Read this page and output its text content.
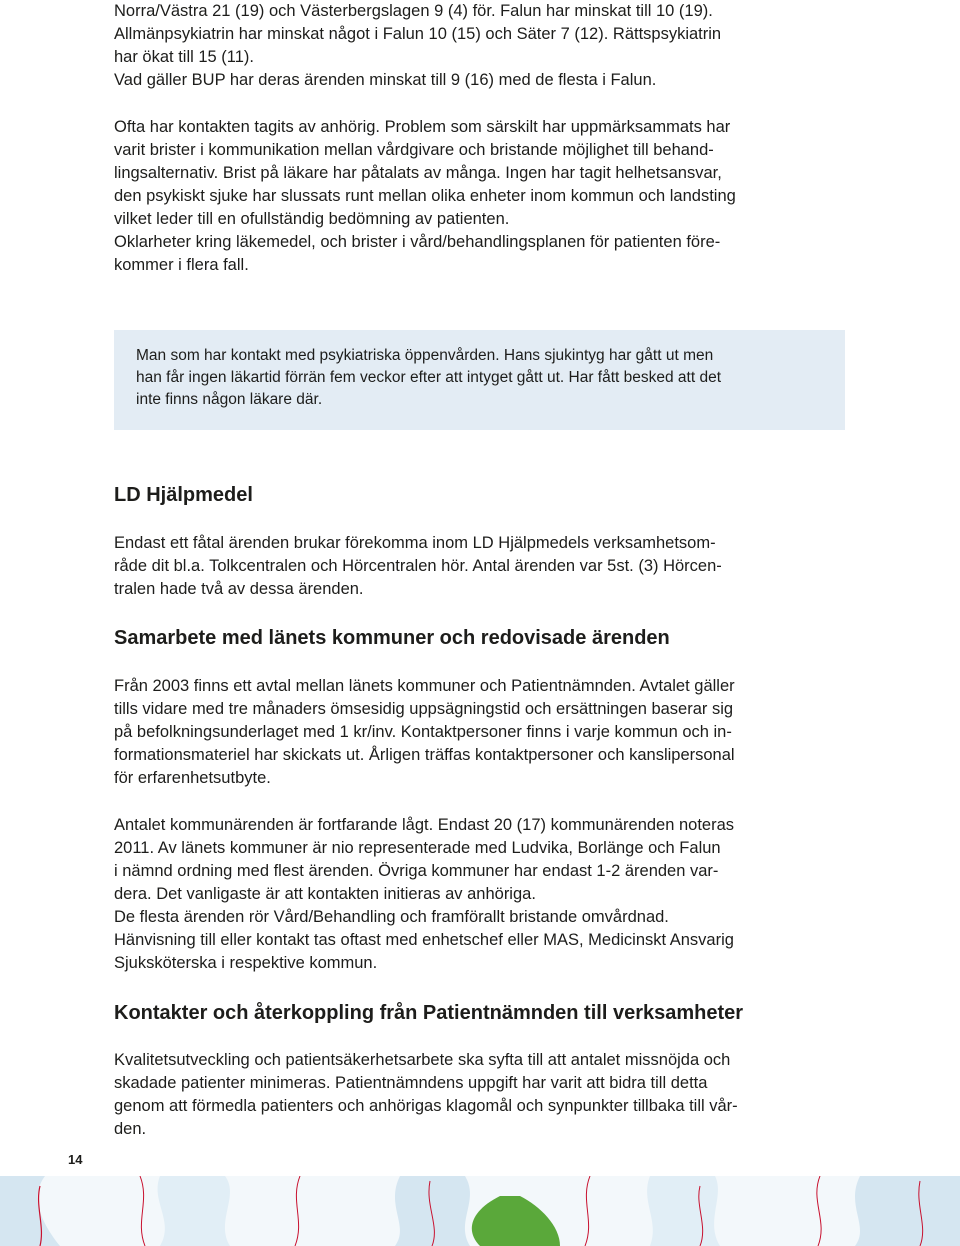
Norra/Västra 21 (19) och Västerbergslagen 9 (4) för. Falun har minskat till 10 (19).
Allmänpsykiatrin har minskat något i Falun 10 (15) och Säter 7 (12). Rättspsykiatrin
har ökat till 15 (11).
Vad gäller BUP har deras ärenden minskat till 9 (16) med de flesta i Falun.

Ofta har kontakten tagits av anhörig. Problem som särskilt har uppmärksammats har
varit brister i kommunikation mellan vårdgivare och bristande möjlighet till behand-
lingsalternativ. Brist på läkare har påtalats av många. Ingen har tagit helhetsansvar,
den psykiskt sjuke har slussats runt mellan olika enheter inom kommun och landsting
vilket leder till en ofullständig bedömning av patienten.
Oklarheter kring läkemedel, och brister i vård/behandlingsplanen för patienten före-
kommer i flera fall.

Man som har kontakt med psykiatriska öppenvården. Hans sjukintyg har gått ut men
han får ingen läkartid förrän fem veckor efter att intyget gått ut. Har fått besked att det
inte finns någon läkare där.

LD Hjälpmedel

Endast ett fåtal ärenden brukar förekomma inom LD Hjälpmedels verksamhetsom-
råde dit bl.a. Tolkcentralen och Hörcentralen hör. Antal ärenden var 5st. (3) Hörcen-
tralen hade två av dessa ärenden.

Samarbete med länets kommuner och redovisade ärenden

Från 2003 finns ett avtal mellan länets kommuner och Patientnämnden. Avtalet gäller
tills vidare med tre månaders ömsesidig uppsägningstid och ersättningen baserar sig
på befolkningsunderlaget med 1 kr/inv. Kontaktpersoner finns i varje kommun och in-
formationsmateriel har skickats ut. Årligen träffas kontaktpersoner och kanslipersonal
för erfarenhetsutbyte.

Antalet kommunärenden är fortfarande lågt. Endast 20 (17) kommunärenden noteras
2011. Av länets kommuner är nio representerade med Ludvika, Borlänge och Falun
i nämnd ordning med flest ärenden. Övriga kommuner har endast 1-2 ärenden var-
dera. Det vanligaste är att kontakten initieras av anhöriga.
De flesta ärenden rör Vård/Behandling och framförallt bristande omvårdnad.
Hänvisning till eller kontakt tas oftast med enhetschef eller MAS, Medicinskt Ansvarig
Sjuksköterska i respektive kommun.

Kontakter och återkoppling från Patientnämnden till verksamheter

Kvalitetsutveckling och patientsäkerhetsarbete ska syfta till att antalet missnöjda och
skadade patienter minimeras. Patientnämndens uppgift har varit att bidra till detta
genom att förmedla patienters och anhörigas klagomål och synpunkter tillbaka till vår-
den.

14
